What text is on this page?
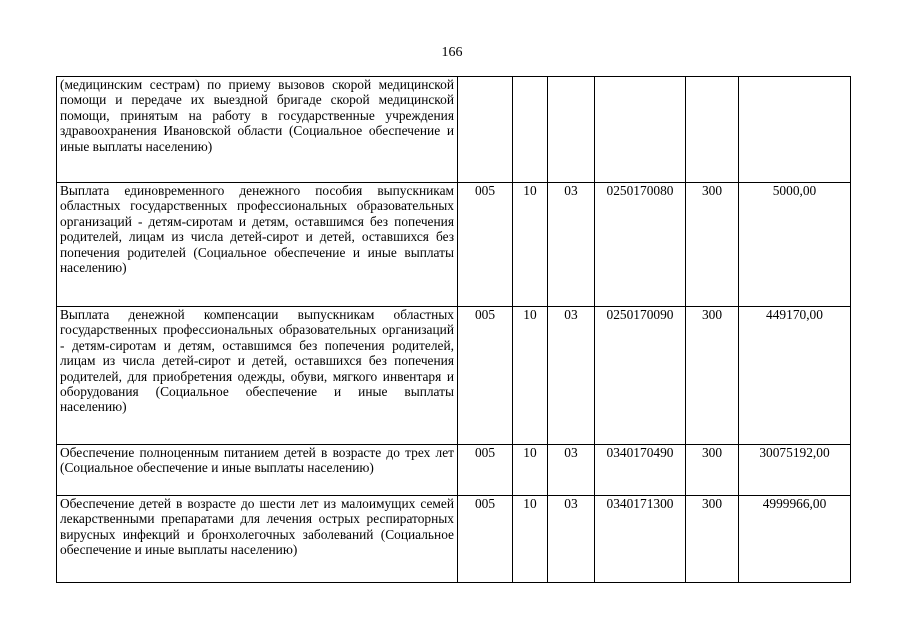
166
(медицинским сестрам) по приему вызовов скорой медицинской помощи и передаче их выездной бригаде скорой медицинской помощи, принятым на работу в государственные учреждения здравоохранения Ивановской области (Социальное обеспечение и иные выплаты населению)						
Выплата единовременного денежного пособия выпускникам областных государственных профессиональных образовательных организаций - детям-сиротам и детям, оставшимся без попечения родителей, лицам из числа детей-сирот и детей, оставшихся без попечения родителей (Социальное обеспечение и иные выплаты населению)	005	10	03	0250170080	300	5000,00
Выплата денежной компенсации выпускникам областных государственных профессиональных образовательных организаций - детям-сиротам и детям, оставшимся без попечения родителей, лицам из числа детей-сирот и детей, оставшихся без попечения родителей, для приобретения одежды, обуви, мягкого инвентаря и оборудования (Социальное обеспечение и иные выплаты населению)	005	10	03	0250170090	300	449170,00
Обеспечение полноценным питанием детей в возрасте до трех лет (Социальное обеспечение и иные выплаты населению)	005	10	03	0340170490	300	30075192,00
Обеспечение детей в возрасте до шести лет из малоимущих семей лекарственными препаратами для лечения острых респираторных вирусных инфекций и бронхолегочных заболеваний (Социальное обеспечение и иные выплаты населению)	005	10	03	0340171300	300	4999966,00
